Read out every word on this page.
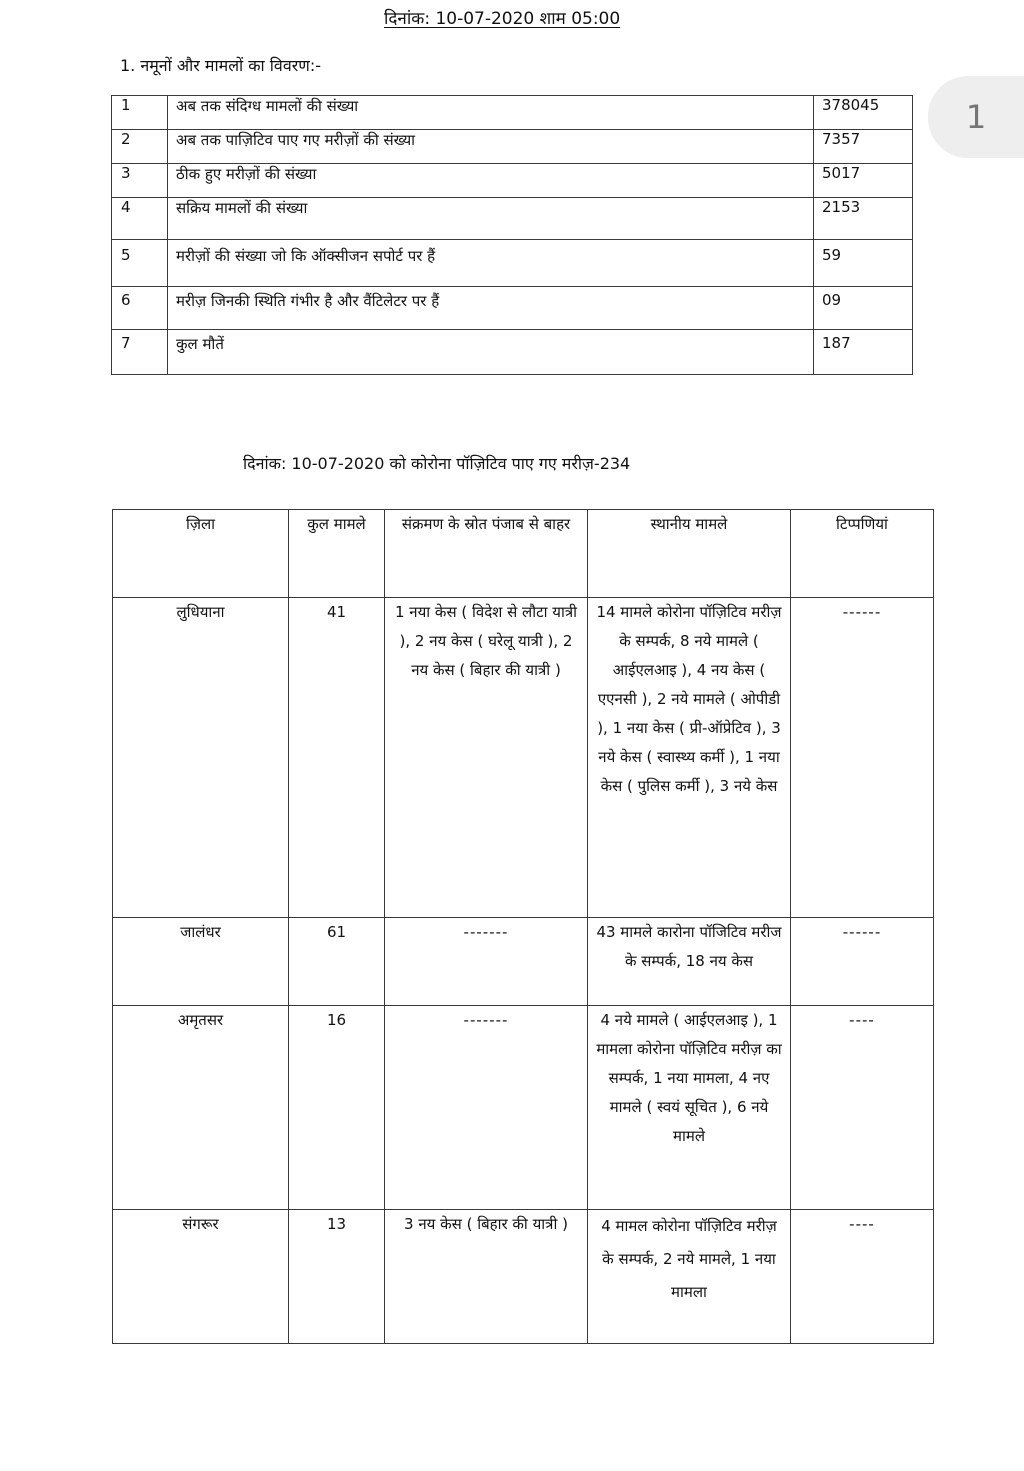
दिनांक: 10-07-2020 शाम 05:00
1. नमूनों और मामलों का विवरण:-
1
1	अब तक संदिग्ध मामलों की संख्या	378045
2	अब तक पाज़िटिव पाए गए मरीज़ों की संख्या	7357
3	ठीक हुए मरीज़ों की संख्या	5017
4	सक्रिय मामलों की संख्या	2153
5	मरीज़ों की संख्या जो कि ऑक्सीजन सपोर्ट पर हैं	59
6	मरीज़ जिनकी स्थिति गंभीर है और वैंटिलेटर पर हैं	09
7	कुल मौतें	187
दिनांक: 10-07-2020 को कोरोना पॉज़िटिव पाए गए मरीज़-234
ज़िला	कुल मामले	संक्रमण के स्रोत पंजाब से बाहर	स्थानीय मामले	टिप्पणियां
लुधियाना	41	1 नया केस ( विदेश से लौटा यात्री ), 2 नय केस ( घरेलू यात्री ), 2 नय केस ( बिहार की यात्री )	14 मामले कोरोना पॉज़िटिव मरीज़ के सम्पर्क, 8 नये मामले ( आईएलआइ ), 4 नय केस ( एएनसी ), 2 नये मामले ( ओपीडी ), 1 नया केस ( प्री-ऑप्रेटिव ), 3 नये केस ( स्वास्थ्य कर्मी ), 1 नया केस ( पुलिस कर्मी ), 3 नये केस	------
जालंधर	61	-------	43 मामले कारोना पॉजिटिव मरीज के सम्पर्क, 18 नय केस	------
अमृतसर	16	-------	4 नये मामले ( आईएलआइ ), 1 मामला कोरोना पॉज़िटिव मरीज़ का सम्पर्क, 1 नया मामला, 4 नए मामले ( स्वयं सूचित ), 6 नये मामले	----
संगरूर	13	3 नय केस ( बिहार की यात्री )	4 मामल कोरोना पॉज़िटिव मरीज़ के सम्पर्क, 2 नये मामले, 1 नया मामला	----
